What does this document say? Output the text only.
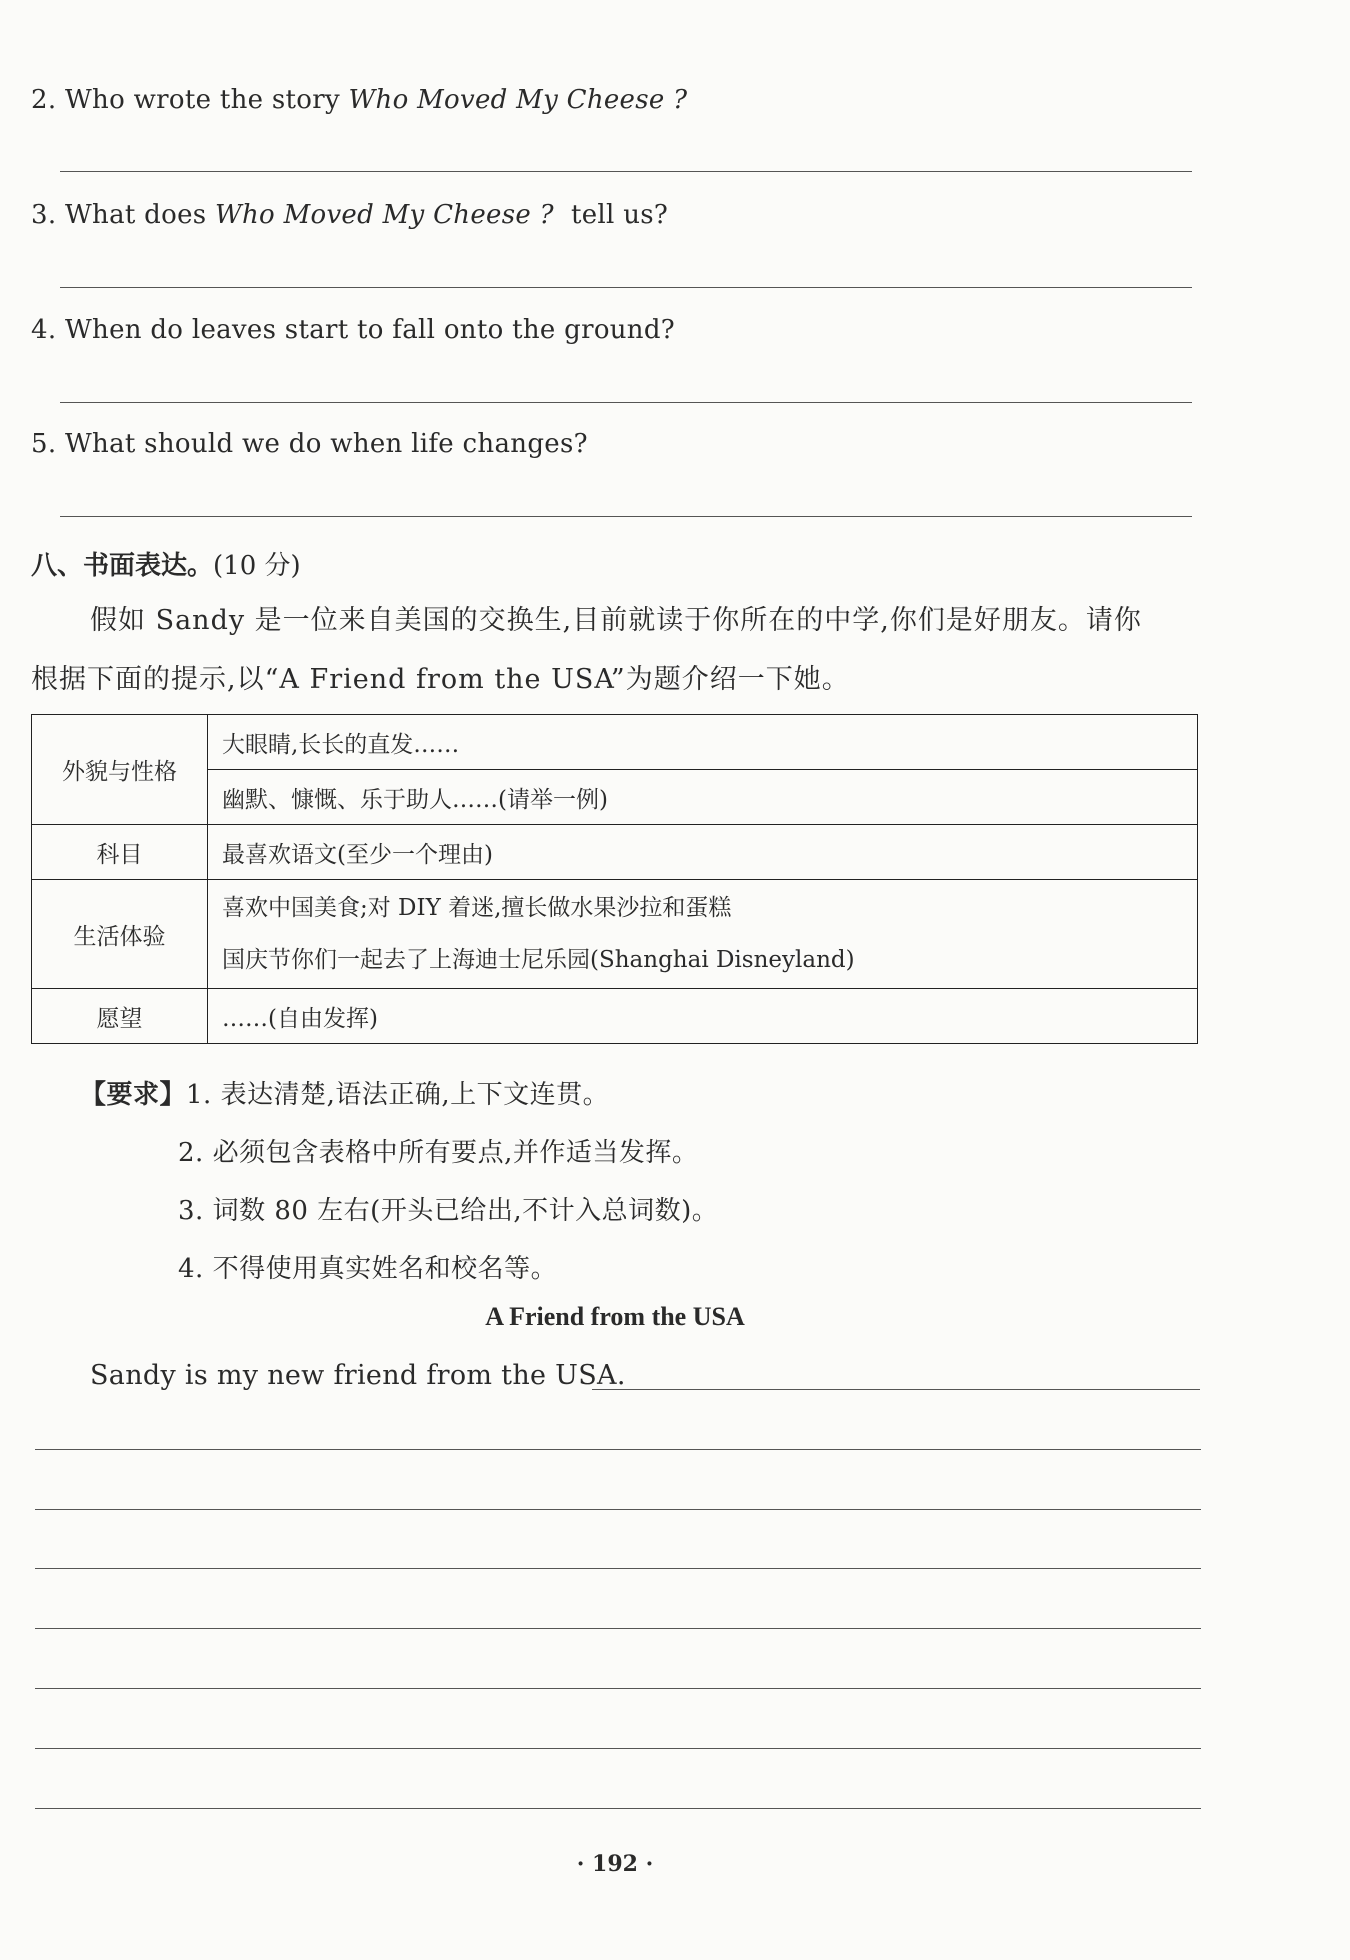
2. Who wrote the story Who Moved My Cheese ?
3. What does Who Moved My Cheese ?  tell us?
4. When do leaves start to fall onto the ground?
5. What should we do when life changes?
八、书面表达。(10 分)
假如 Sandy 是一位来自美国的交换生,目前就读于你所在的中学,你们是好朋友。请你
根据下面的提示,以“A Friend from the USA”为题介绍一下她。
外貌与性格	大眼睛,长长的直发……
	幽默、慷慨、乐于助人……(请举一例)
科目	最喜欢语文(至少一个理由)
生活体验	喜欢中国美食;对 DIY 着迷,擅长做水果沙拉和蛋糕
国庆节你们一起去了上海迪士尼乐园(Shanghai Disneyland)

愿望	……(自由发挥)
【要求】1. 表达清楚,语法正确,上下文连贯。
2. 必须包含表格中所有要点,并作适当发挥。
3. 词数 80 左右(开头已给出,不计入总词数)。
4. 不得使用真实姓名和校名等。
A Friend from the USA
Sandy is my new friend from the USA.
· 192 ·
